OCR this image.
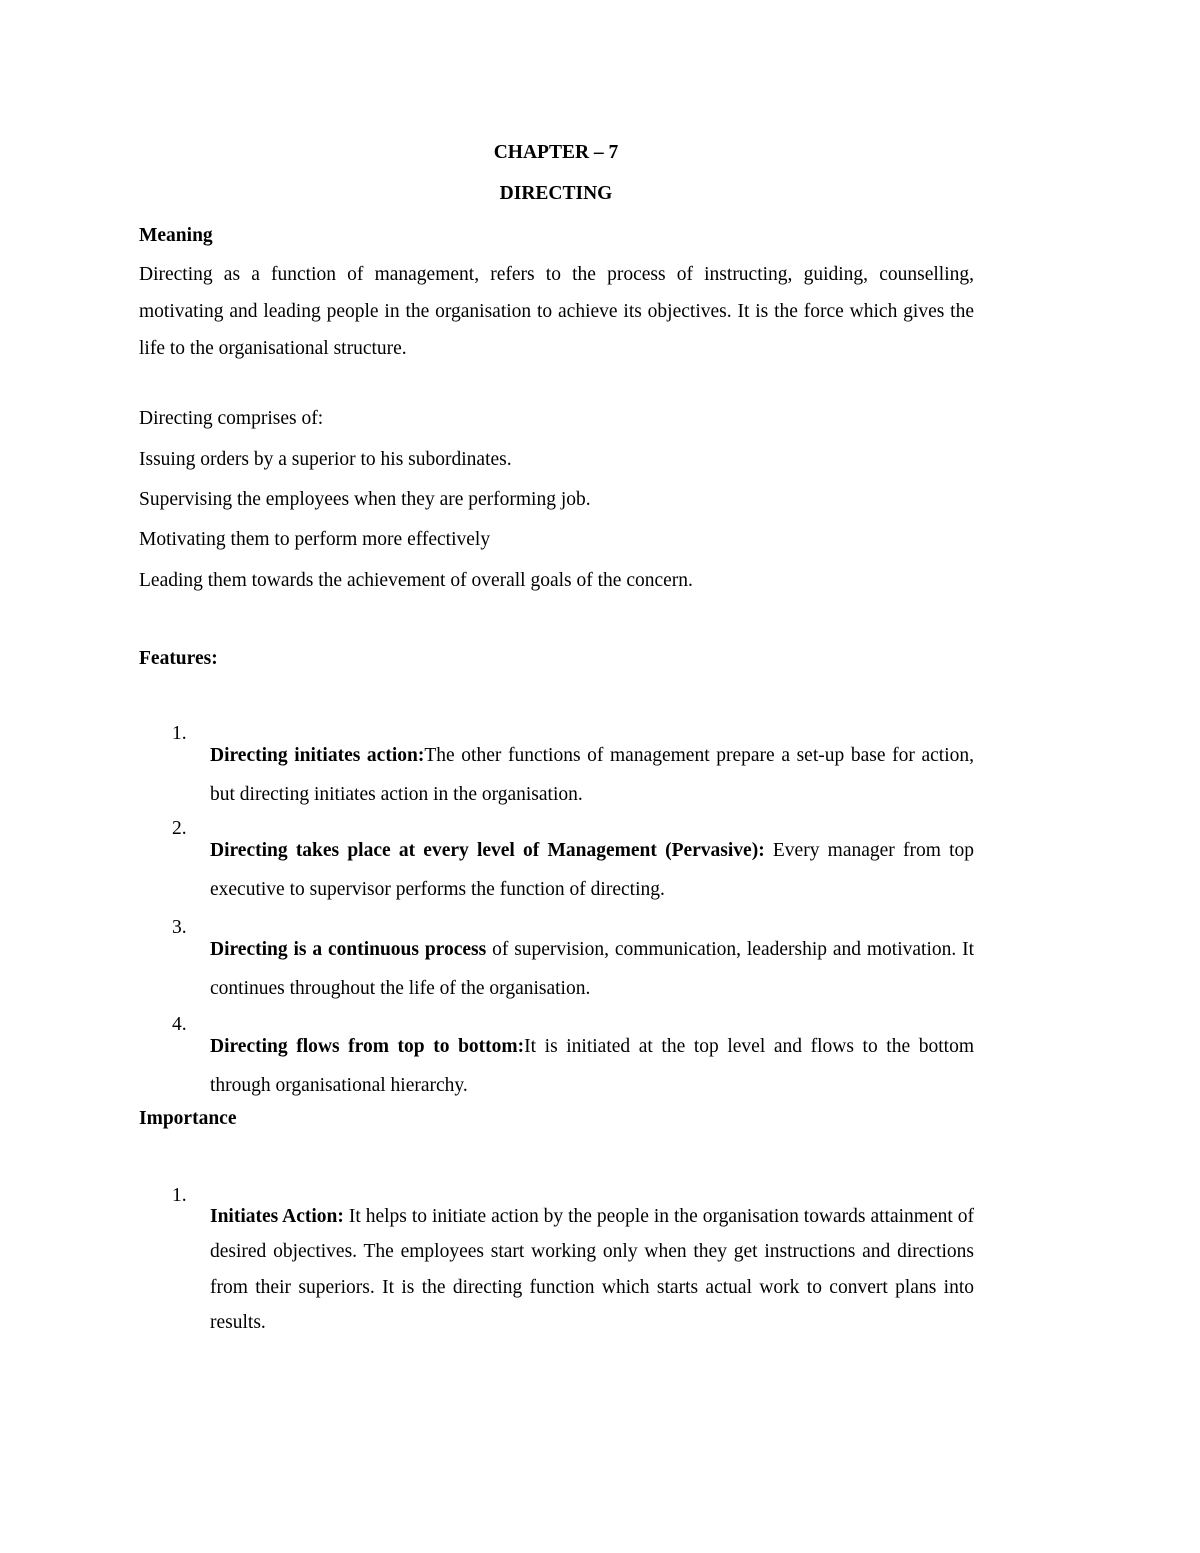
CHAPTER – 7

DIRECTING

Meaning

Directing as a function of management, refers to the process of instructing, guiding, counselling, motivating and leading people in the organisation to achieve its objectives. It is the force which gives the life to the organisational structure.

Directing comprises of:

Issuing orders by a superior to his subordinates.

Supervising the employees when they are performing job.

Motivating them to perform more effectively

Leading them towards the achievement of overall goals of the concern.

Features:

1.

Directing initiates action:The other functions of management prepare a set-up base for action, but directing initiates action in the organisation.

2.

Directing takes place at every level of Management (Pervasive): Every manager from top executive to supervisor performs the function of directing.

3.

Directing is a continuous process of supervision, communication, leadership and motivation. It continues throughout the life of the organisation.

4.

Directing flows from top to bottom:It is initiated at the top level and flows to the bottom through organisational hierarchy.

Importance

1.

Initiates Action: It helps to initiate action by the people in the organisation towards attainment of desired objectives. The employees start working only when they get instructions and directions from their superiors. It is the directing function which starts actual work to convert plans into results.
